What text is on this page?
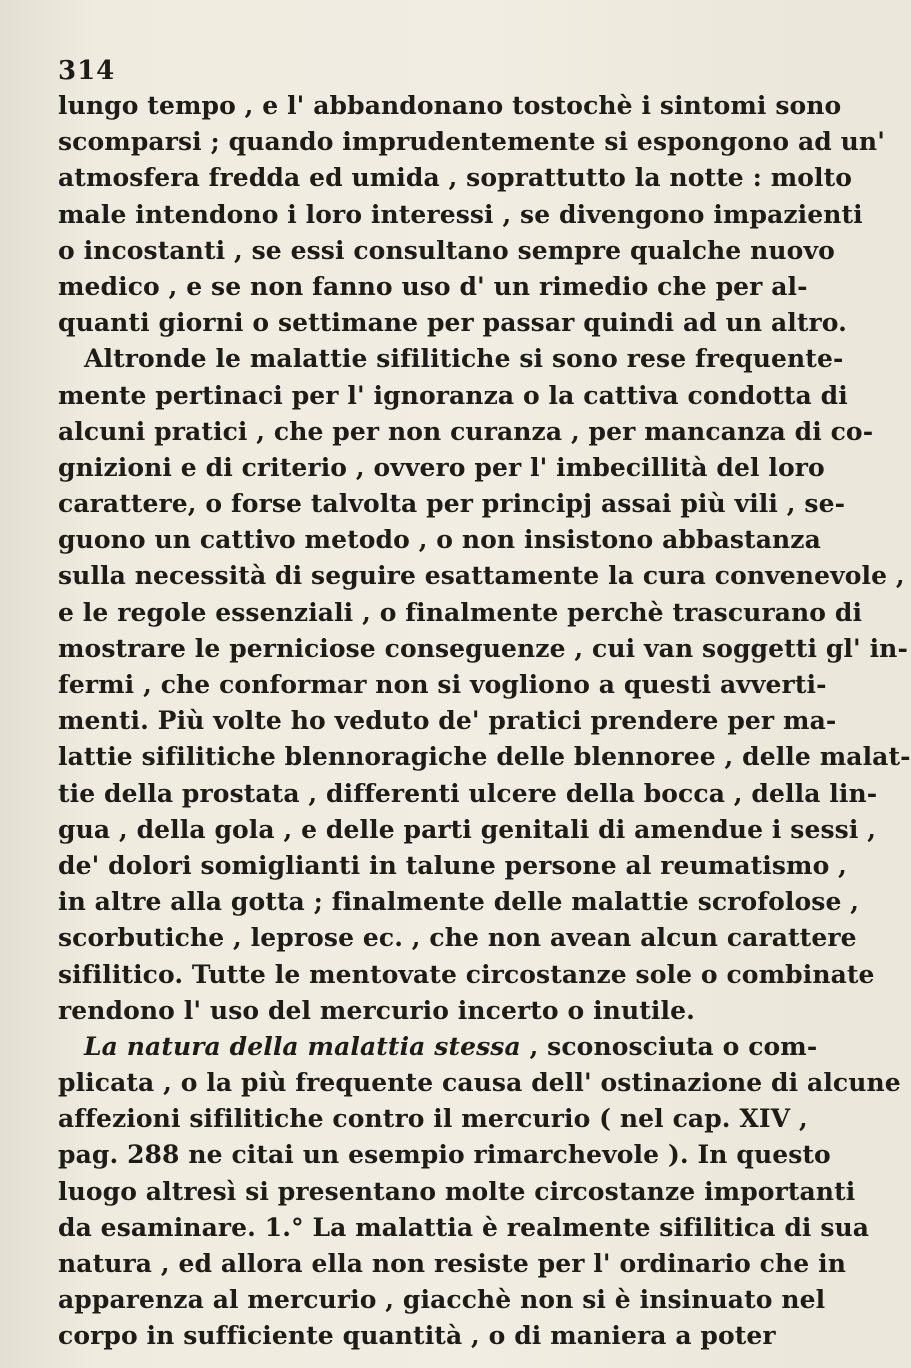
314
lungo tempo , e l' abbandonano tostochè i sintomi sono
scomparsi ; quando imprudentemente si espongono ad un'
atmosfera fredda ed umida , soprattutto la notte : molto
male intendono i loro interessi , se divengono impazienti
o incostanti , se essi consultano sempre qualche nuovo
medico , e se non fanno uso d' un rimedio che per al-
quanti giorni o settimane per passar quindi ad un altro.
Altronde le malattie sifilitiche si sono rese frequente-
mente pertinaci per l' ignoranza o la cattiva condotta di
alcuni pratici , che per non curanza , per mancanza di co-
gnizioni e di criterio , ovvero per l' imbecillità del loro
carattere, o forse talvolta per principj assai più vili , se-
guono un cattivo metodo , o non insistono abbastanza
sulla necessità di seguire esattamente la cura convenevole ,
e le regole essenziali , o finalmente perchè trascurano di
mostrare le perniciose conseguenze , cui van soggetti gl' in-
fermi , che conformar non si vogliono a questi avverti-
menti. Più volte ho veduto de' pratici prendere per ma-
lattie sifilitiche blennoragiche delle blennoree , delle malat-
tie della prostata , differenti ulcere della bocca , della lin-
gua , della gola , e delle parti genitali di amendue i sessi ,
de' dolori somiglianti in talune persone al reumatismo ,
in altre alla gotta ; finalmente delle malattie scrofolose ,
scorbutiche , leprose ec. , che non avean alcun carattere
sifilitico. Tutte le mentovate circostanze sole o combinate
rendono l' uso del mercurio incerto o inutile.
La natura della malattia stessa , sconosciuta o com-
plicata , o la più frequente causa dell' ostinazione di alcune
affezioni sifilitiche contro il mercurio ( nel cap. XIV ,
pag. 288 ne citai un esempio rimarchevole ). In questo
luogo altresì si presentano molte circostanze importanti
da esaminare. 1.° La malattia è realmente sifilitica di sua
natura , ed allora ella non resiste per l' ordinario che in
apparenza al mercurio , giacchè non si è insinuato nel
corpo in sufficiente quantità , o di maniera a poter
